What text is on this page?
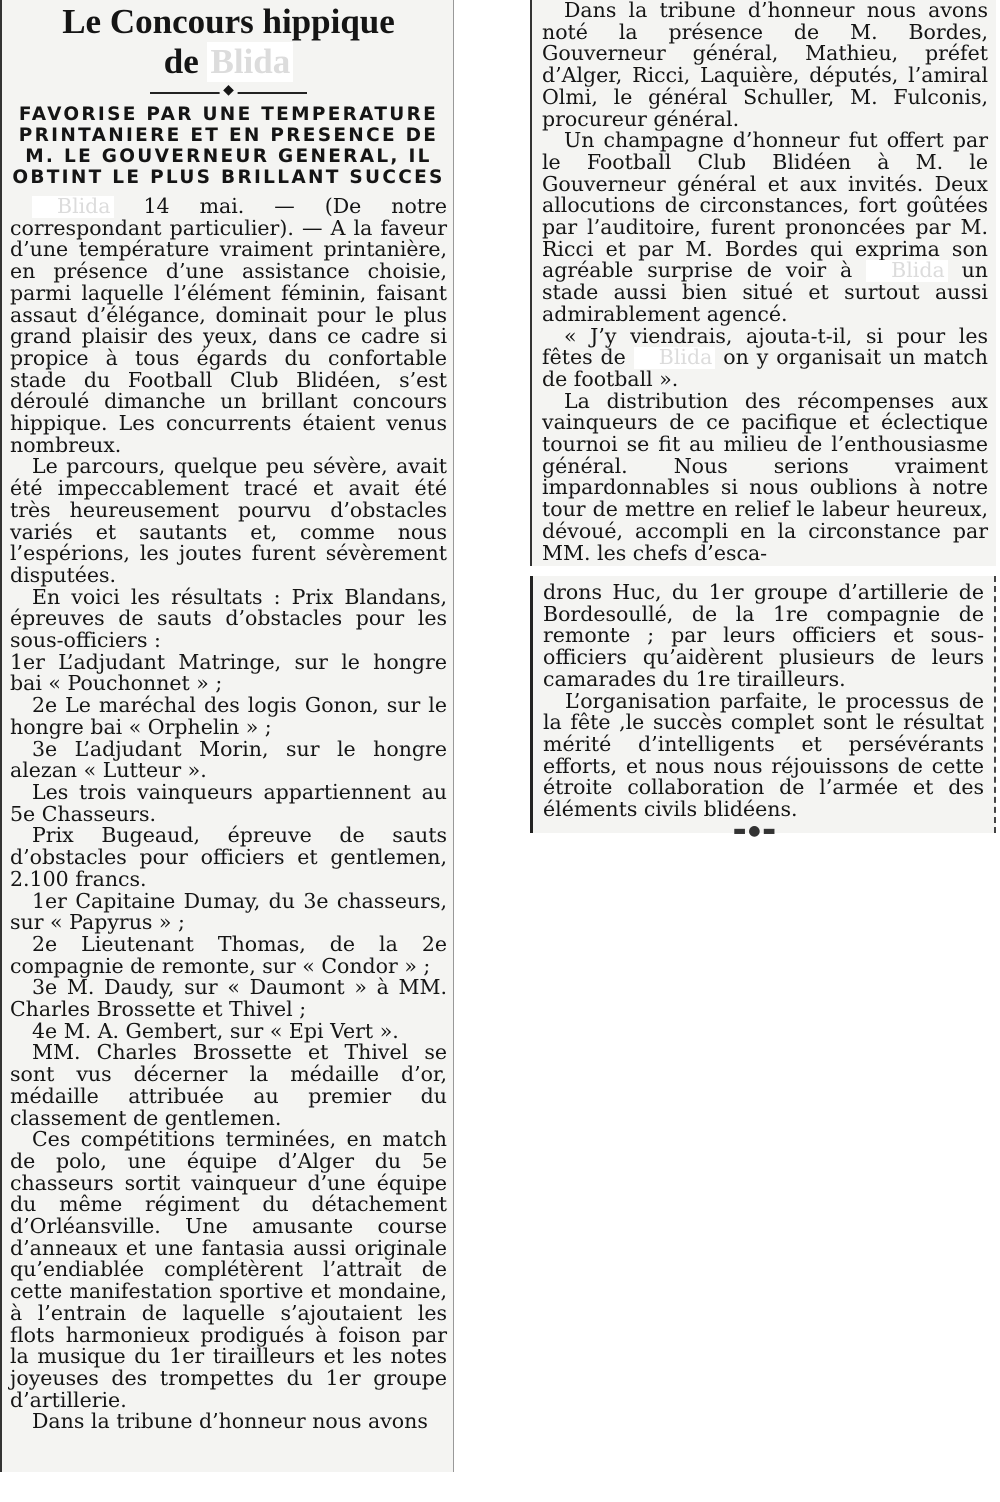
Le Concours hippique
de Blida
◆
FAVORISE PAR UNE TEMPERATURE PRINTANIERE ET EN PRESENCE DE M. LE GOUVERNEUR GENERAL, IL OBTINT LE PLUS BRILLANT SUCCES

Blida 14 mai. — (De notre correspondant particulier). — A la faveur d’une température vraiment printanière, en présence d’une assistance choisie, parmi laquelle l’élément féminin, faisant assaut d’élégance, dominait pour le plus grand plaisir des yeux, dans ce cadre si propice à tous égards du confortable stade du Football Club Blidéen, s’est déroulé dimanche un brillant concours hippique. Les concurrents étaient venus nombreux.

Le parcours, quelque peu sévère, avait été impeccablement tracé et avait été très heureusement pourvu d’obstacles variés et sautants et, comme nous l’espérions, les joutes furent sévèrement disputées.

En voici les résultats : Prix Blandans, épreuves de sauts d’obstacles pour les sous-officiers :

1er L’adjudant Matringe, sur le hongre bai « Pouchonnet » ;

2e Le maréchal des logis Gonon, sur le hongre bai « Orphelin » ;

3e L’adjudant Morin, sur le hongre alezan « Lutteur ».

Les trois vainqueurs appartiennent au 5e Chasseurs.

Prix Bugeaud, épreuve de sauts d’obstacles pour officiers et gentlemen, 2.100 francs.

1er Capitaine Dumay, du 3e chasseurs, sur « Papyrus » ;

2e Lieutenant Thomas, de la 2e compagnie de remonte, sur « Condor » ;

3e M. Daudy, sur « Daumont » à MM. Charles Brossette et Thivel ;

4e M. A. Gembert, sur « Epi Vert ».

MM. Charles Brossette et Thivel se sont vus décerner la médaille d’or, médaille attribuée au premier du classement de gentlemen.

Ces compétitions terminées, en match de polo, une équipe d’Alger du 5e chasseurs sortit vainqueur d’une équipe du même régiment du détachement d’Orléansville. Une amusante course d’anneaux et une fantasia aussi originale qu’endiablée complétèrent l’attrait de cette manifestation sportive et mondaine, à l’entrain de laquelle s’ajoutaient les flots harmonieux prodigués à foison par la musique du 1er tirailleurs et les notes joyeuses des trompettes du 1er groupe d’artillerie.

Dans la tribune d’honneur nous avons

Dans la tribune d’honneur nous avons noté la présence de M. Bordes, Gouverneur général, Mathieu, préfet d’Alger, Ricci, Laquière, députés, l’amiral Olmi, le général Schuller, M. Fulconis, procureur général.

Un champagne d’honneur fut offert par le Football Club Blidéen à M. le Gouverneur général et aux invités. Deux allocutions de circonstances, fort goûtées par l’auditoire, furent prononcées par M. Ricci et par M. Bordes qui exprima son agréable surprise de voir à Blida un stade aussi bien situé et surtout aussi admirablement agencé.

« J’y viendrais, ajouta-t-il, si pour les fêtes de Blida on y organisait un match de football ».

La distribution des récompenses aux vainqueurs de ce pacifique et éclectique tournoi se fit au milieu de l’enthousiasme général. Nous serions vraiment impardonnables si nous oublions à notre tour de mettre en relief le labeur heureux, dévoué, accompli en la circonstance par MM. les chefs d’esca-

drons Huc, du 1er groupe d’artillerie de Bordesoullé, de la 1re compagnie de remonte ; par leurs officiers et sous-officiers qu’aidèrent plusieurs de leurs camarades du 1re tirailleurs.

L’organisation parfaite, le processus de la fête ,le succès complet sont le résultat mérité d’intelligents et persévérants efforts, et nous nous réjouissons de cette étroite collaboration de l’armée et des éléments civils blidéens.

▬●▬
